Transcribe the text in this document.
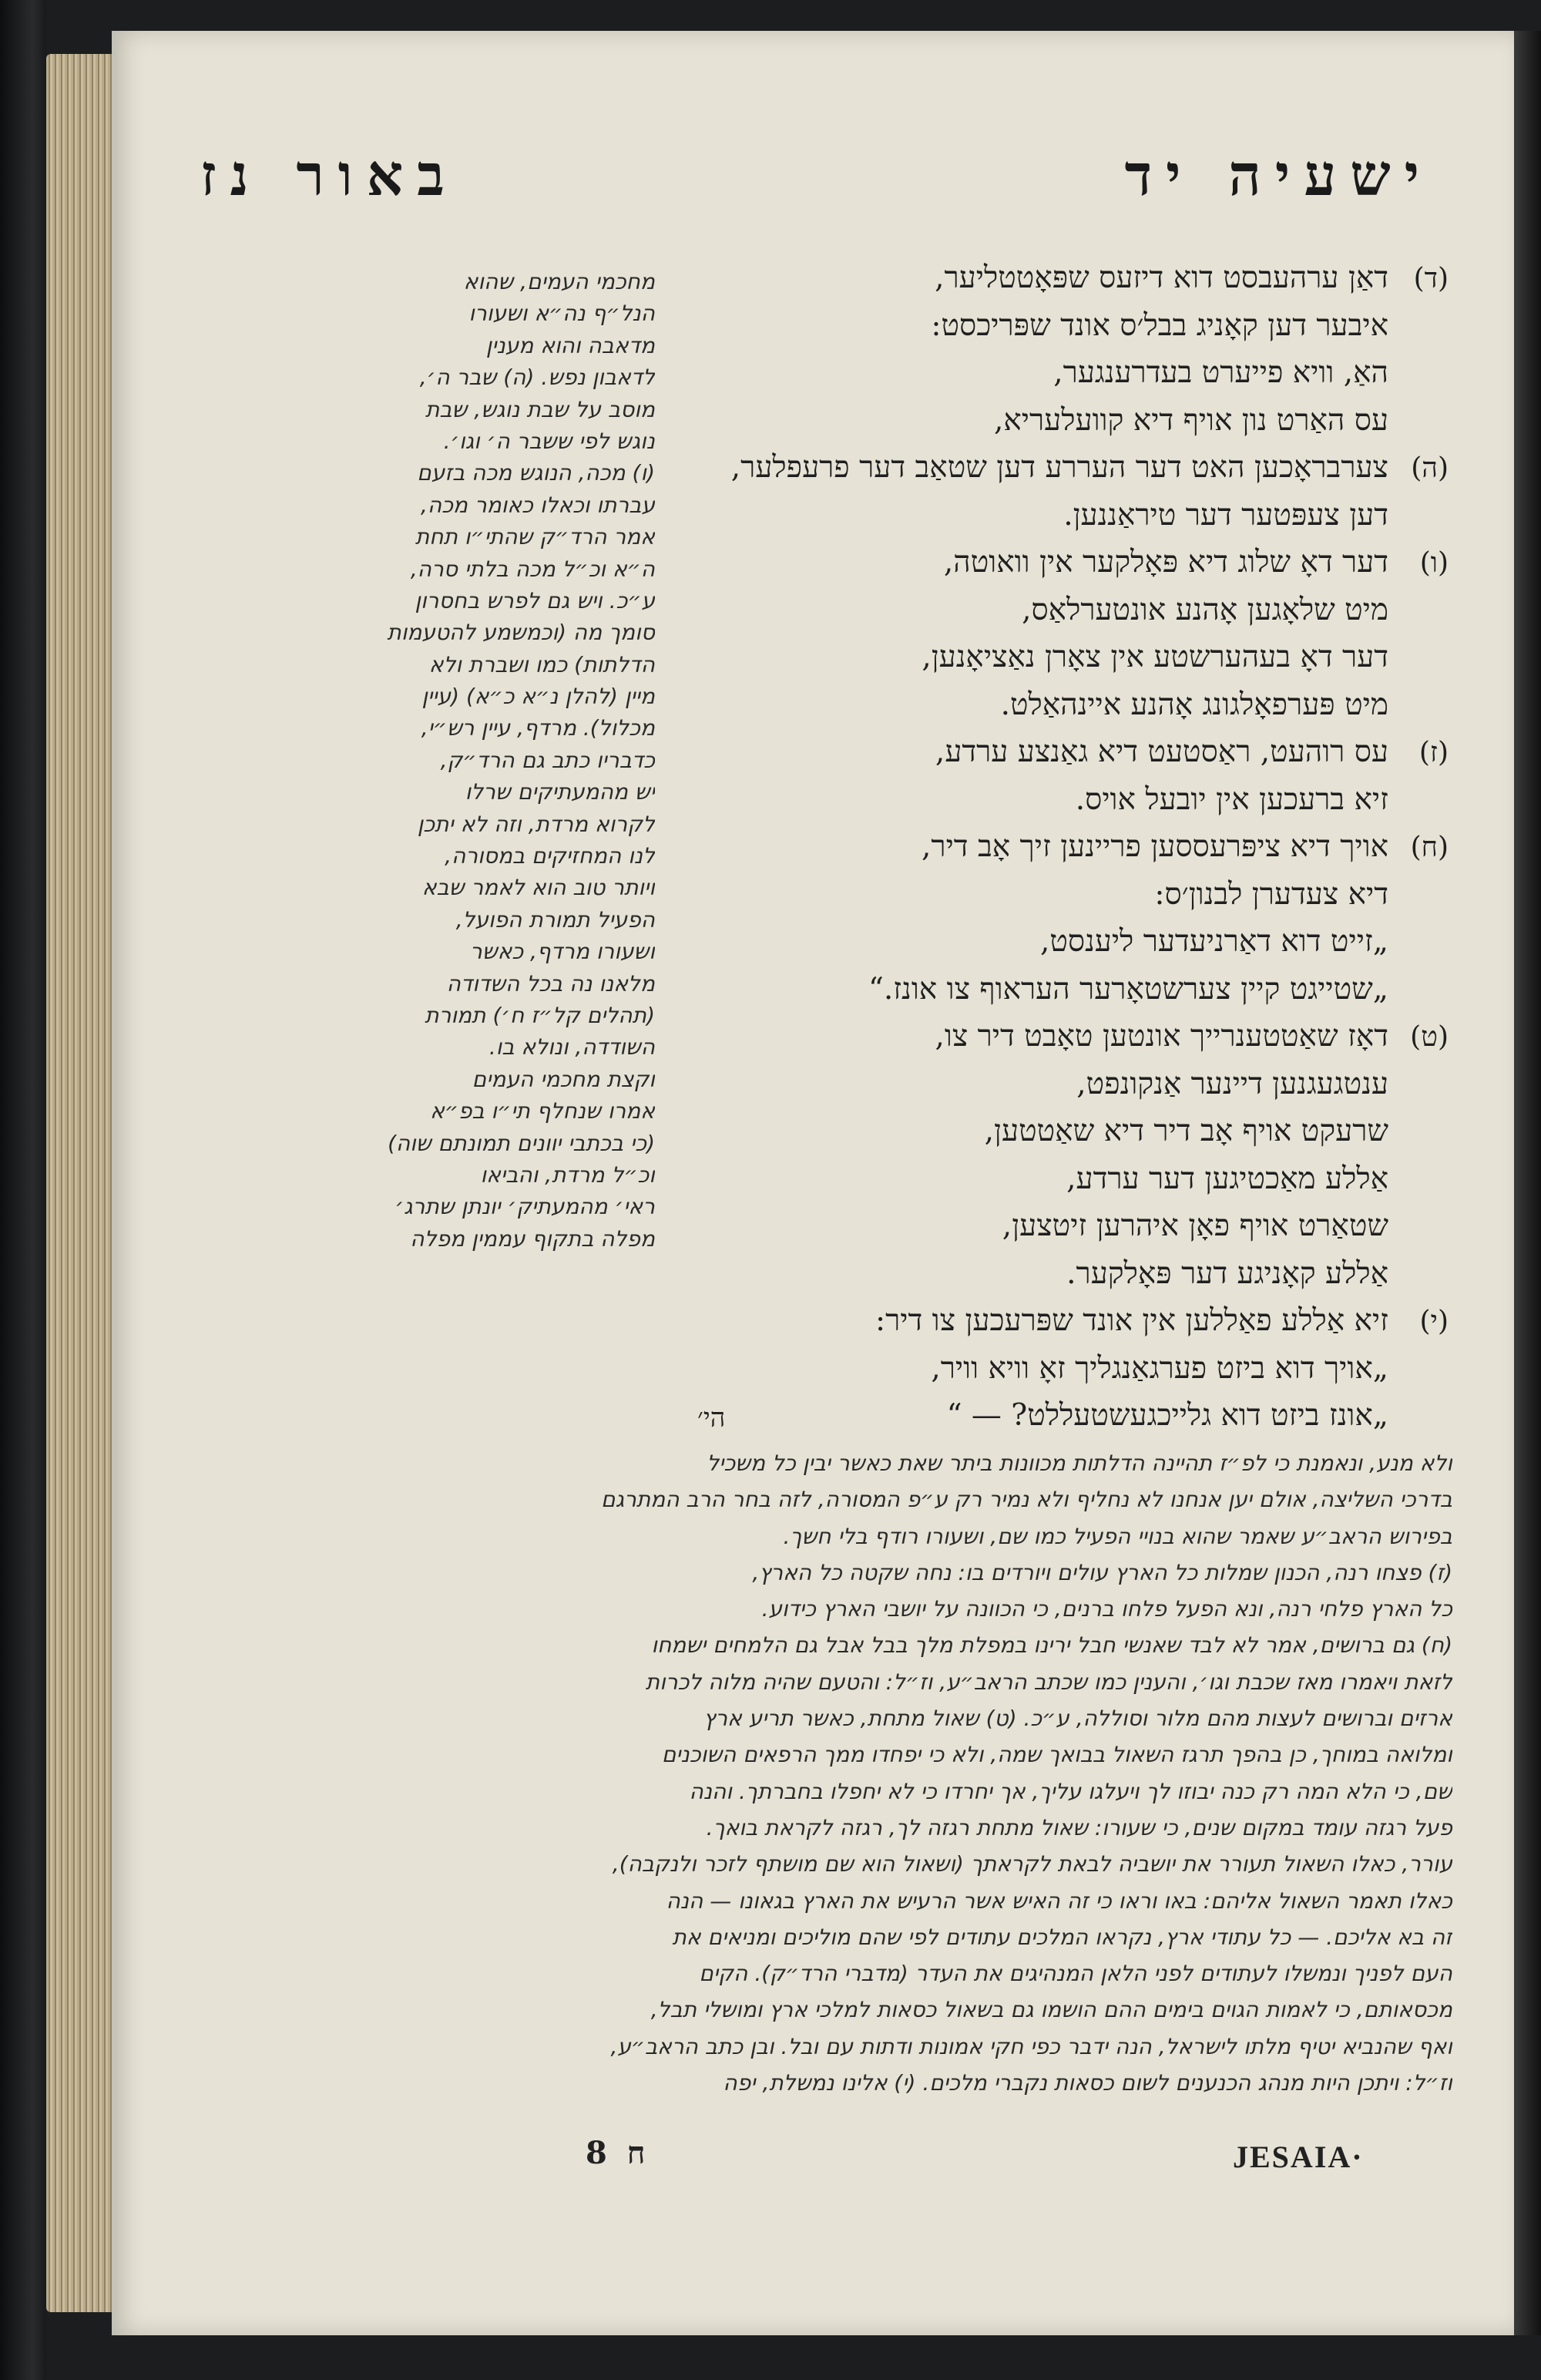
ישעיה יד
באור נז
(ד)דאַן ערהעבסט דוא דיזעס שפּאָטטליער,
איבער דען קאָניג בבל׳ס אונד שפּריכסט:
האַ, וויא פייערט בעדרענגער,
עס האַרט נון אויף דיא קוועלעריא,
(ה)צערבראָכען האט דער העררע דען שטאַב דער פרעפלער,
דען צעפּטער דער טיראַננען.
(ו)דער דאָ שלוג דיא פּאָלקער אין וואוטה,
מיט שלאָגען אָהנע אונטערלאַס,
דער דאָ בעהערשטע אין צאָרן נאַציאָנען,
מיט פּערפאָלגונג אָהנע איינהאַלט.
(ז)עס רוהעט, ראַסטעט דיא גאַנצע ערדע,
זיא ברעכען אין יובעל אויס.
(ח)אויך דיא ציפּרעססען פריינען זיך אָב דיר,
דיא צעדערן לבנון׳ס:
„זייט דוא דאַרניעדער ליענסט,
„שטייגט קיין צערשטאָרער העראוף צו אונז.“
(ט)דאָז שאַטטענרייך אונטען טאָבט דיר צו,
ענטגעגנען דיינער אַנקונפט,
שרעקט אויף אָב דיר דיא שאַטטען,
אַללע מאַכטיגען דער ערדע,
שטאַרט אויף פאָן איהרען זיטצען,
אַללע קאָניגע דער פּאָלקער.
(י)זיא אַללע פאַללען אין אונד שפּרעכען צו דיר:
„אויך דוא ביזט פערגאַנגליך זאָ וויא וויר,
„אונז ביזט דוא גלייכגעשטעללט? — “
מחכמי העמים, שהוא
הנל״ף נה״א ושעורו
מדאבה והוא מענין
לדאבון נפש. (ה) שבר ה׳,
מוסב על שבת נוגש, שבת
נוגש לפי ששבר ה׳ וגו׳.
(ו) מכה, הנוגש מכה בזעם
עברתו וכאלו כאומר מכה,
אמר הרד״ק שהתי״ו תחת
ה״א וכ״ל מכה בלתי סרה,
ע״כ. ויש גם לפרש בחסרון
סומך מה (וכמשמע להטעמות
הדלתות) כמו ושברת ולא
מיין (להלן נ״א כ״א) (עיין
מכלול). מרדף, עיין רש״י,
כדבריו כתב גם הרד״ק,
יש מהמעתיקים שרלו
לקרוא מרדת, וזה לא יתכן
לנו המחזיקים במסורה,
ויותר טוב הוא לאמר שבא
הפעיל תמורת הפועל,
ושעורו מרדף, כאשר
מלאנו נה בכל השדודה
(תהלים קל״ז ח׳) תמורת
השודדה, ונולא בו.
וקצת מחכמי העמים
אמרו שנחלף תי״ו בפ״א
(כי בכתבי יוונים תמונתם שוה)
וכ״ל מרדת, והביאו
ראי׳ מהמעתיק׳ יונתן שתרג׳
מפלה בתקוף עממין מפלה
הי׳
ולא מנע, ונאמנת כי לפ״ז תהיינה הדלתות מכוונות ביתר שאת כאשר יבין כל משכיל
בדרכי השליצה, אולם יען אנחנו לא נחליף ולא נמיר רק ע״פ המסורה, לזה בחר הרב המתרגם
בפירוש הראב״ע שאמר שהוא בנויי הפעיל כמו שם, ושעורו רודף בלי חשך.
(ז) פצחו רנה, הכנון שמלות כל הארץ עולים ויורדים בו: נחה שקטה כל הארץ,
כל הארץ פלחי רנה, ונא הפעל פלחו ברנים, כי הכוונה על יושבי הארץ כידוע.
(ח) גם ברושים, אמר לא לבד שאנשי חבל ירינו במפלת מלך בבל אבל גם הלמחים ישמחו
לזאת ויאמרו מאז שכבת וגו׳, והענין כמו שכתב הראב״ע, וז״ל: והטעם שהיה מלוה לכרות
ארזים וברושים לעצות מהם מלור וסוללה, ע״כ. (ט) שאול מתחת, כאשר תריע ארץ
ומלואה במוחך, כן בהפך תרגז השאול בבואך שמה, ולא כי יפחדו ממך הרפאים השוכנים
שם, כי הלא המה רק כנה יבוזו לך ויעלגו עליך, אך יחרדו כי לא יחפלו בחברתך. והנה
פעל רגזה עומד במקום שנים, כי שעורו: שאול מתחת רגזה לך, רגזה לקראת בואך.
עורר, כאלו השאול תעורר את יושביה לבאת לקראתך (ושאול הוא שם מושתף לזכר ולנקבה),
כאלו תאמר השאול אליהם: באו וראו כי זה האיש אשר הרעיש את הארץ בגאונו — הנה
זה בא אליכם. — כל עתודי ארץ, נקראו המלכים עתודים לפי שהם מוליכים ומניאים את
העם לפניך ונמשלו לעתודים לפני הלאן המנהיגים את העדר (מדברי הרד״ק). הקים
מכסאותם, כי לאמות הגוים בימים ההם הושמו גם בשאול כסאות למלכי ארץ ומושלי תבל,
ואף שהנביא יטיף מלתו לישראל, הנה ידבר כפי חקי אמונות ודתות עם ובל. ובן כתב הראב״ע,
וז״ל: ויתכן היות מנהג הכנענים לשום כסאות נקברי מלכים. (י) אלינו נמשלת, יפה
8 ח	JESAIA·
